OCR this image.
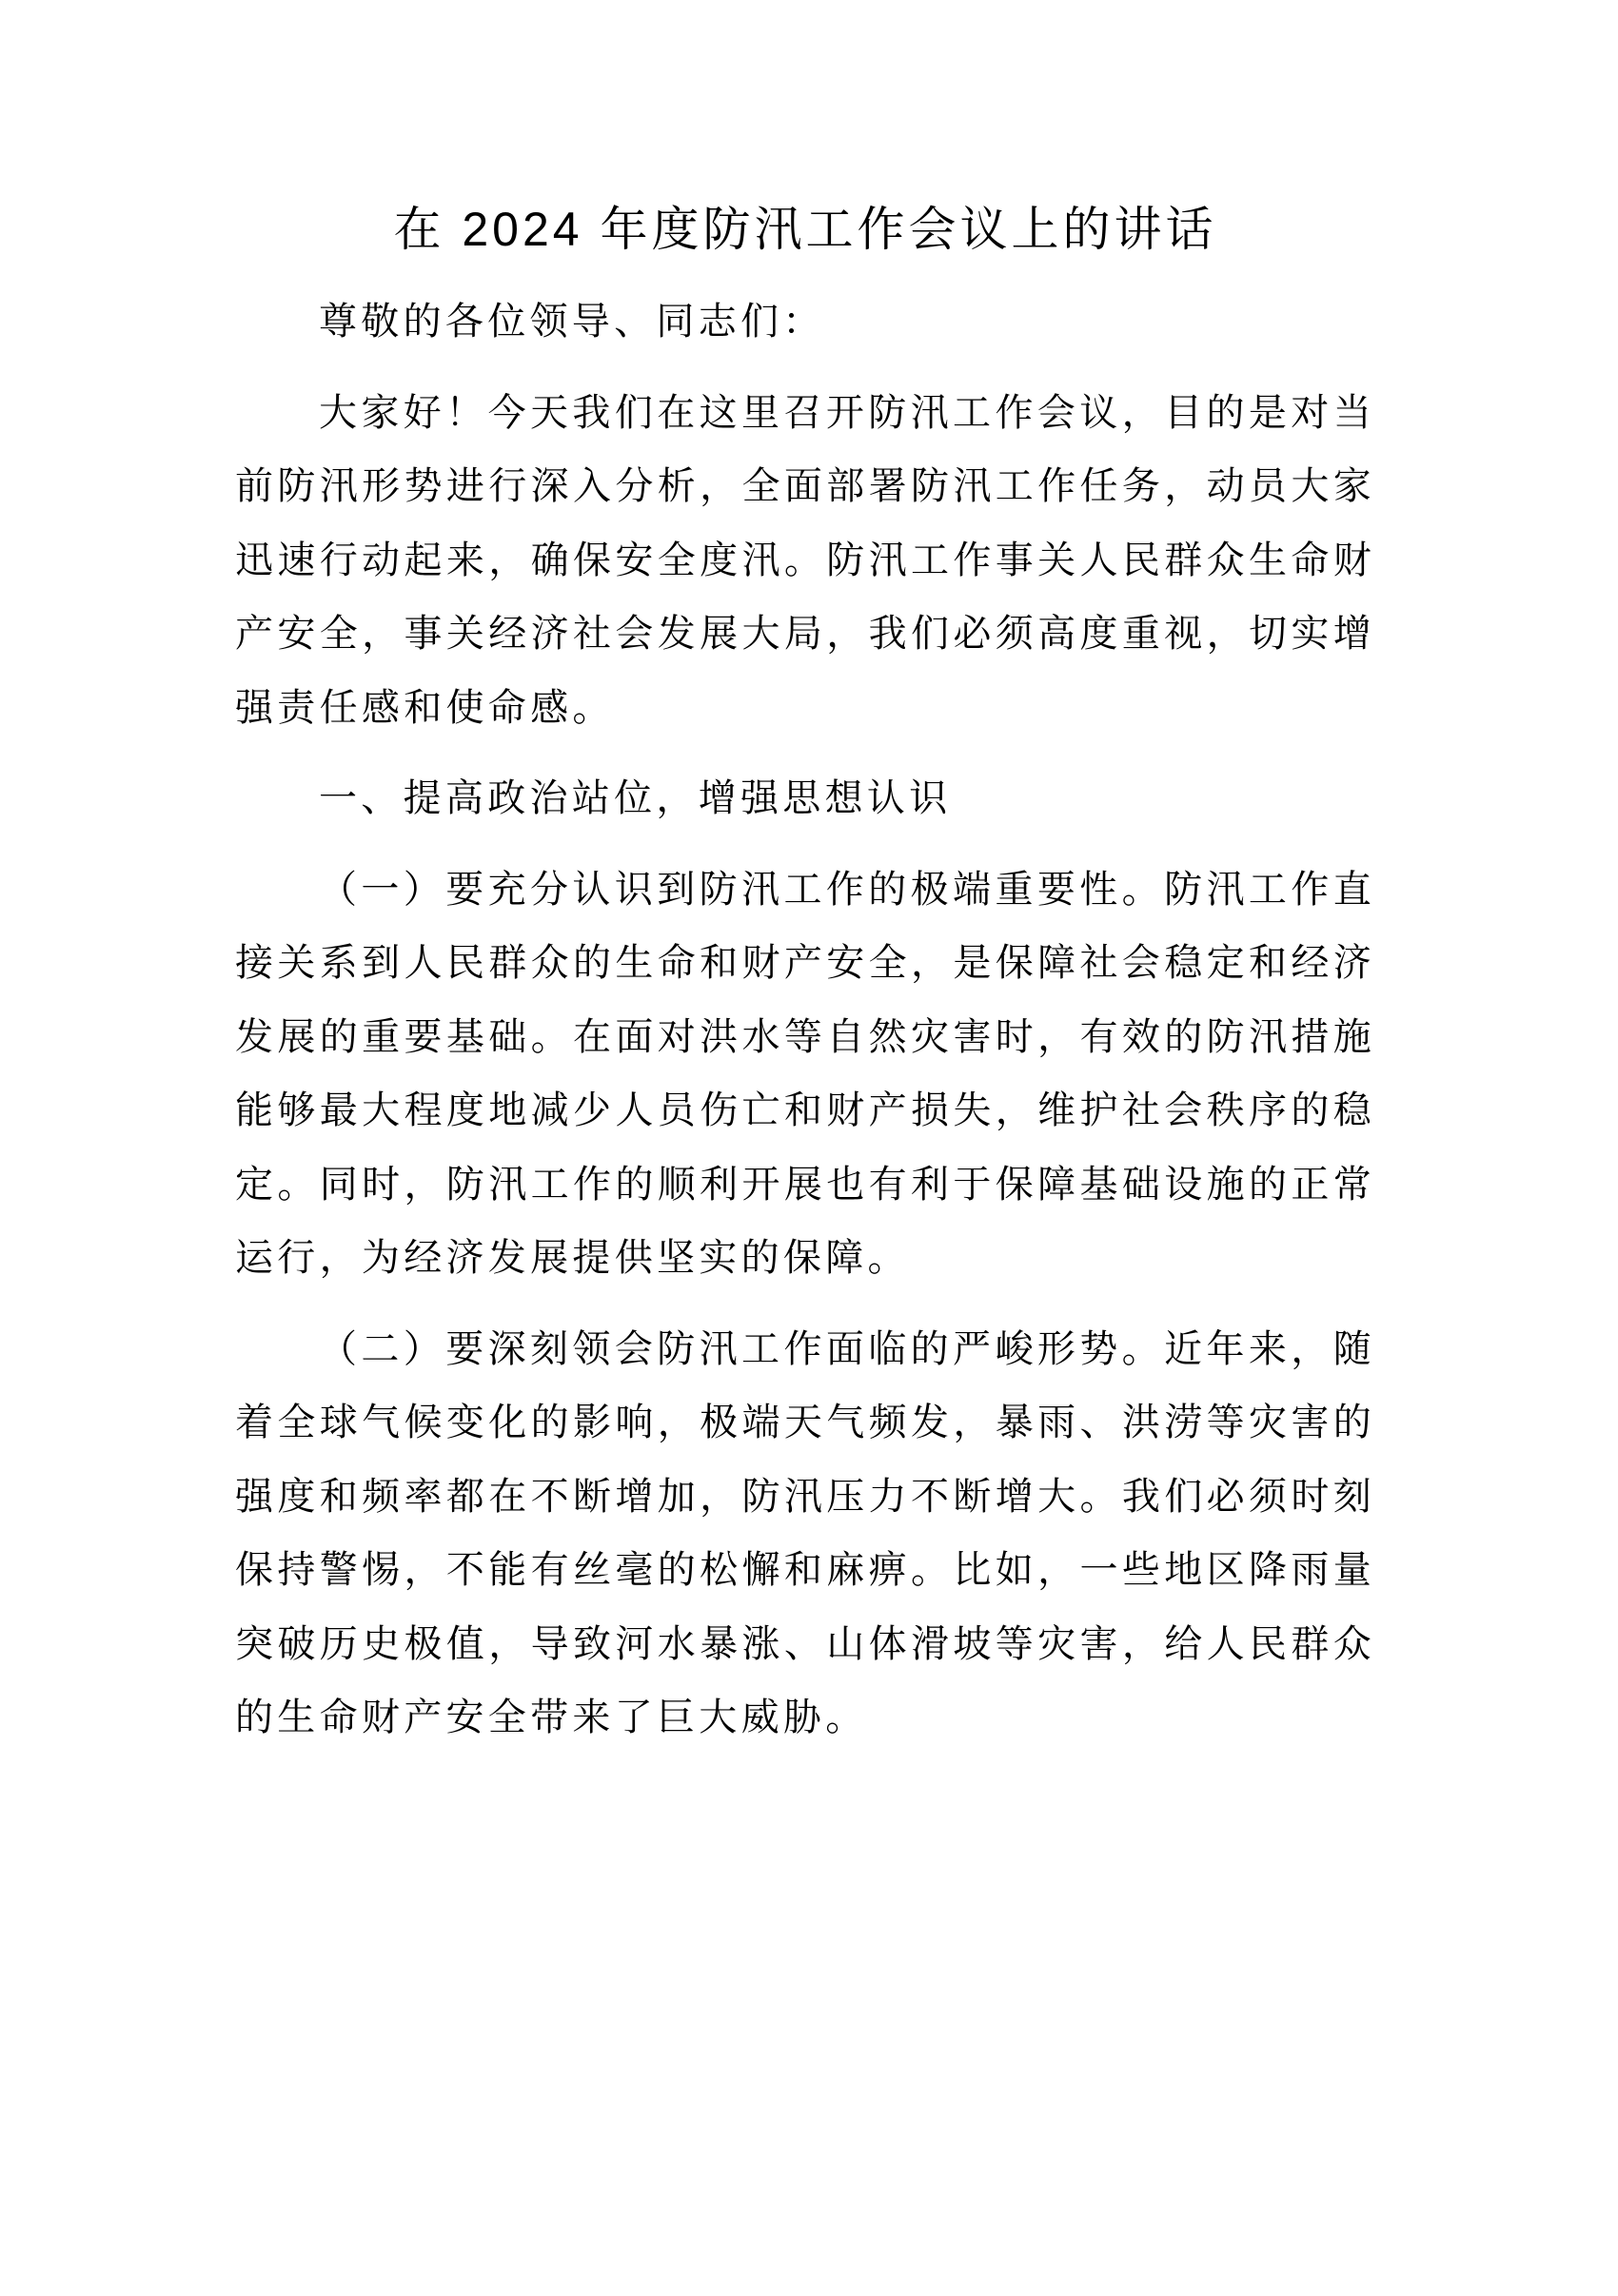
在 2024 年度防汛工作会议上的讲话

尊敬的各位领导、同志们：

大家好！今天我们在这里召开防汛工作会议，目的是对当前防汛形势进行深入分析，全面部署防汛工作任务，动员大家迅速行动起来，确保安全度汛。防汛工作事关人民群众生命财产安全，事关经济社会发展大局，我们必须高度重视，切实增强责任感和使命感。

一、提高政治站位，增强思想认识

（一）要充分认识到防汛工作的极端重要性。防汛工作直接关系到人民群众的生命和财产安全，是保障社会稳定和经济发展的重要基础。在面对洪水等自然灾害时，有效的防汛措施能够最大程度地减少人员伤亡和财产损失，维护社会秩序的稳定。同时，防汛工作的顺利开展也有利于保障基础设施的正常运行，为经济发展提供坚实的保障。

（二）要深刻领会防汛工作面临的严峻形势。近年来，随着全球气候变化的影响，极端天气频发，暴雨、洪涝等灾害的强度和频率都在不断增加，防汛压力不断增大。我们必须时刻保持警惕，不能有丝毫的松懈和麻痹。比如，一些地区降雨量突破历史极值，导致河水暴涨、山体滑坡等灾害，给人民群众的生命财产安全带来了巨大威胁。
